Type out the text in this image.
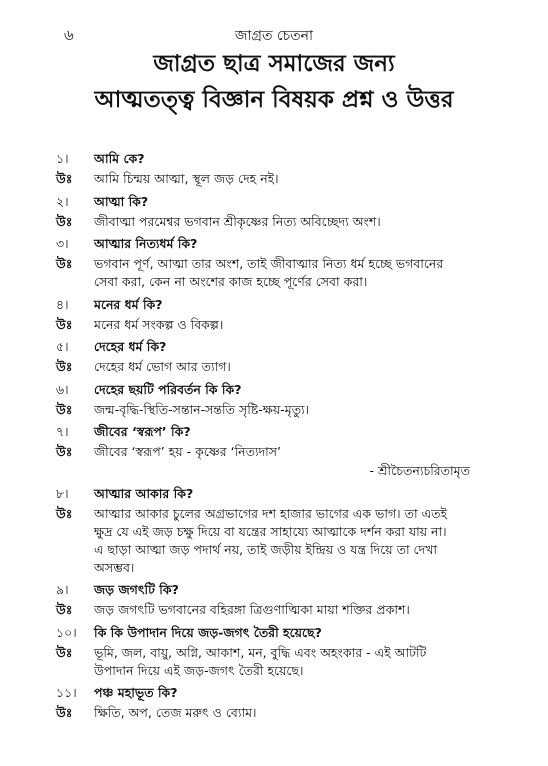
৬	জাগ্রত চেতনা
জাগ্রত ছাত্র সমাজের জন্য
আত্মতত্ত্ব বিজ্ঞান বিষয়ক প্রশ্ন ও উত্তর
১।	আমি কে?
উঃ	আমি চিন্ময় আত্মা, স্থূল জড় দেহ নই।
২।	আত্মা কি?
উঃ	জীবাত্মা পরমেশ্বর ভগবান শ্রীকৃষ্ণের নিত্য অবিচ্ছেদ্য অংশ।
৩।	আত্মার নিত্যধর্ম কি?
উঃ	ভগবান পূর্ণ, আত্মা তার অংশ, তাই জীবাত্মার নিত্য ধর্ম হচ্ছে ভগবানের
সেবা করা, কেন না অংশের কাজ হচ্ছে পূর্ণের সেবা করা।
৪।	মনের ধর্ম কি?
উঃ	মনের ধর্ম সংকল্প ও বিকল্প।
৫।	দেহের ধর্ম কি?
উঃ	দেহের ধর্ম ভোগ আর ত্যাগ।
৬।	দেহের ছয়টি পরিবর্তন কি কি?
উঃ	জন্ম-বৃদ্ধি-স্থিতি-সন্তান-সন্ততি সৃষ্টি-ক্ষয়-মৃত্যু।
৭।	জীবের ‘স্বরূপ’ কি?
উঃ	জীবের ‘স্বরূপ’ হয় - কৃষ্ণের ‘নিত্যদাস’
- শ্রীচৈতন্যচরিতামৃত
৮।	আত্মার আকার কি?
উঃ	আত্মার আকার চুলের অগ্রভাগের দশ হাজার ভাগের এক ভাগ। তা এতই
ক্ষুদ্র যে এই জড় চক্ষু দিয়ে বা যন্ত্রের সাহায্যে আত্মাকে দর্শন করা যায় না।
এ ছাড়া আত্মা জড় পদার্থ নয়, তাই জড়ীয় ইন্দ্রিয় ও যন্ত্র দিয়ে তা দেখা
অসম্ভব।
৯।	জড় জগৎটি কি?
উঃ	জড় জগৎটি ভগবানের বহিরঙ্গা ত্রিগুণাত্মিকা মায়া শক্তির প্রকাশ।
১০।	কি কি উপাদান দিয়ে জড়-জগৎ তৈরী হয়েছে?
উঃ	ভূমি, জল, বায়ু, অগ্নি, আকাশ, মন, বুদ্ধি এবং অহংকার - এই আটটি
উপাদান দিয়ে এই জড়-জগৎ তৈরী হয়েছে।
১১।	পঞ্চ মহাভূত কি?
উঃ	ক্ষিতি, অপ, তেজ মরুৎ ও ব্যোম।
